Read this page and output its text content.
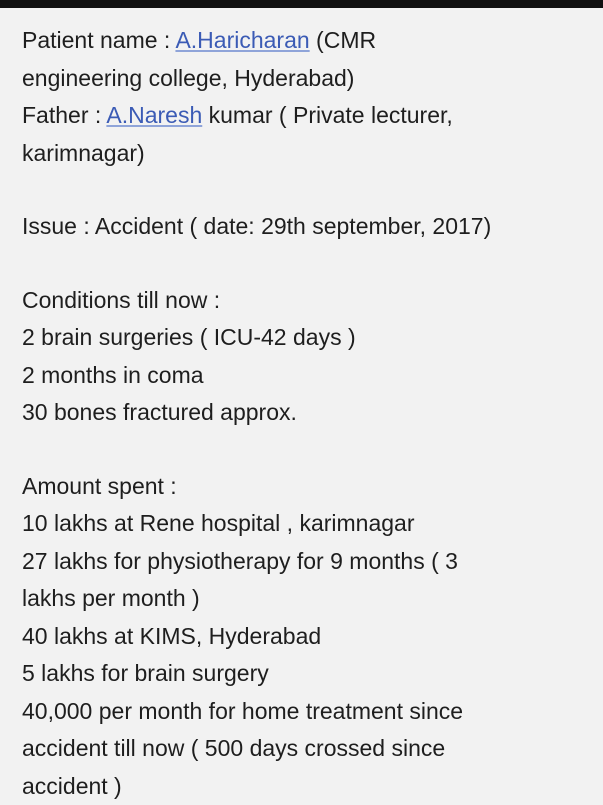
Patient name : A.Haricharan (CMR
engineering college, Hyderabad)
Father : A.Naresh kumar ( Private lecturer,
karimnagar)
Issue : Accident ( date: 29th september, 2017)
Conditions till now :
2 brain surgeries ( ICU-42 days )
2 months in coma
30 bones fractured approx.
Amount spent :
10 lakhs at Rene hospital , karimnagar
27 lakhs for physiotherapy for 9 months ( 3
lakhs per month )
40 lakhs at KIMS, Hyderabad
5 lakhs for brain surgery
40,000 per month for home treatment since
accident till now ( 500 days crossed since
accident )
